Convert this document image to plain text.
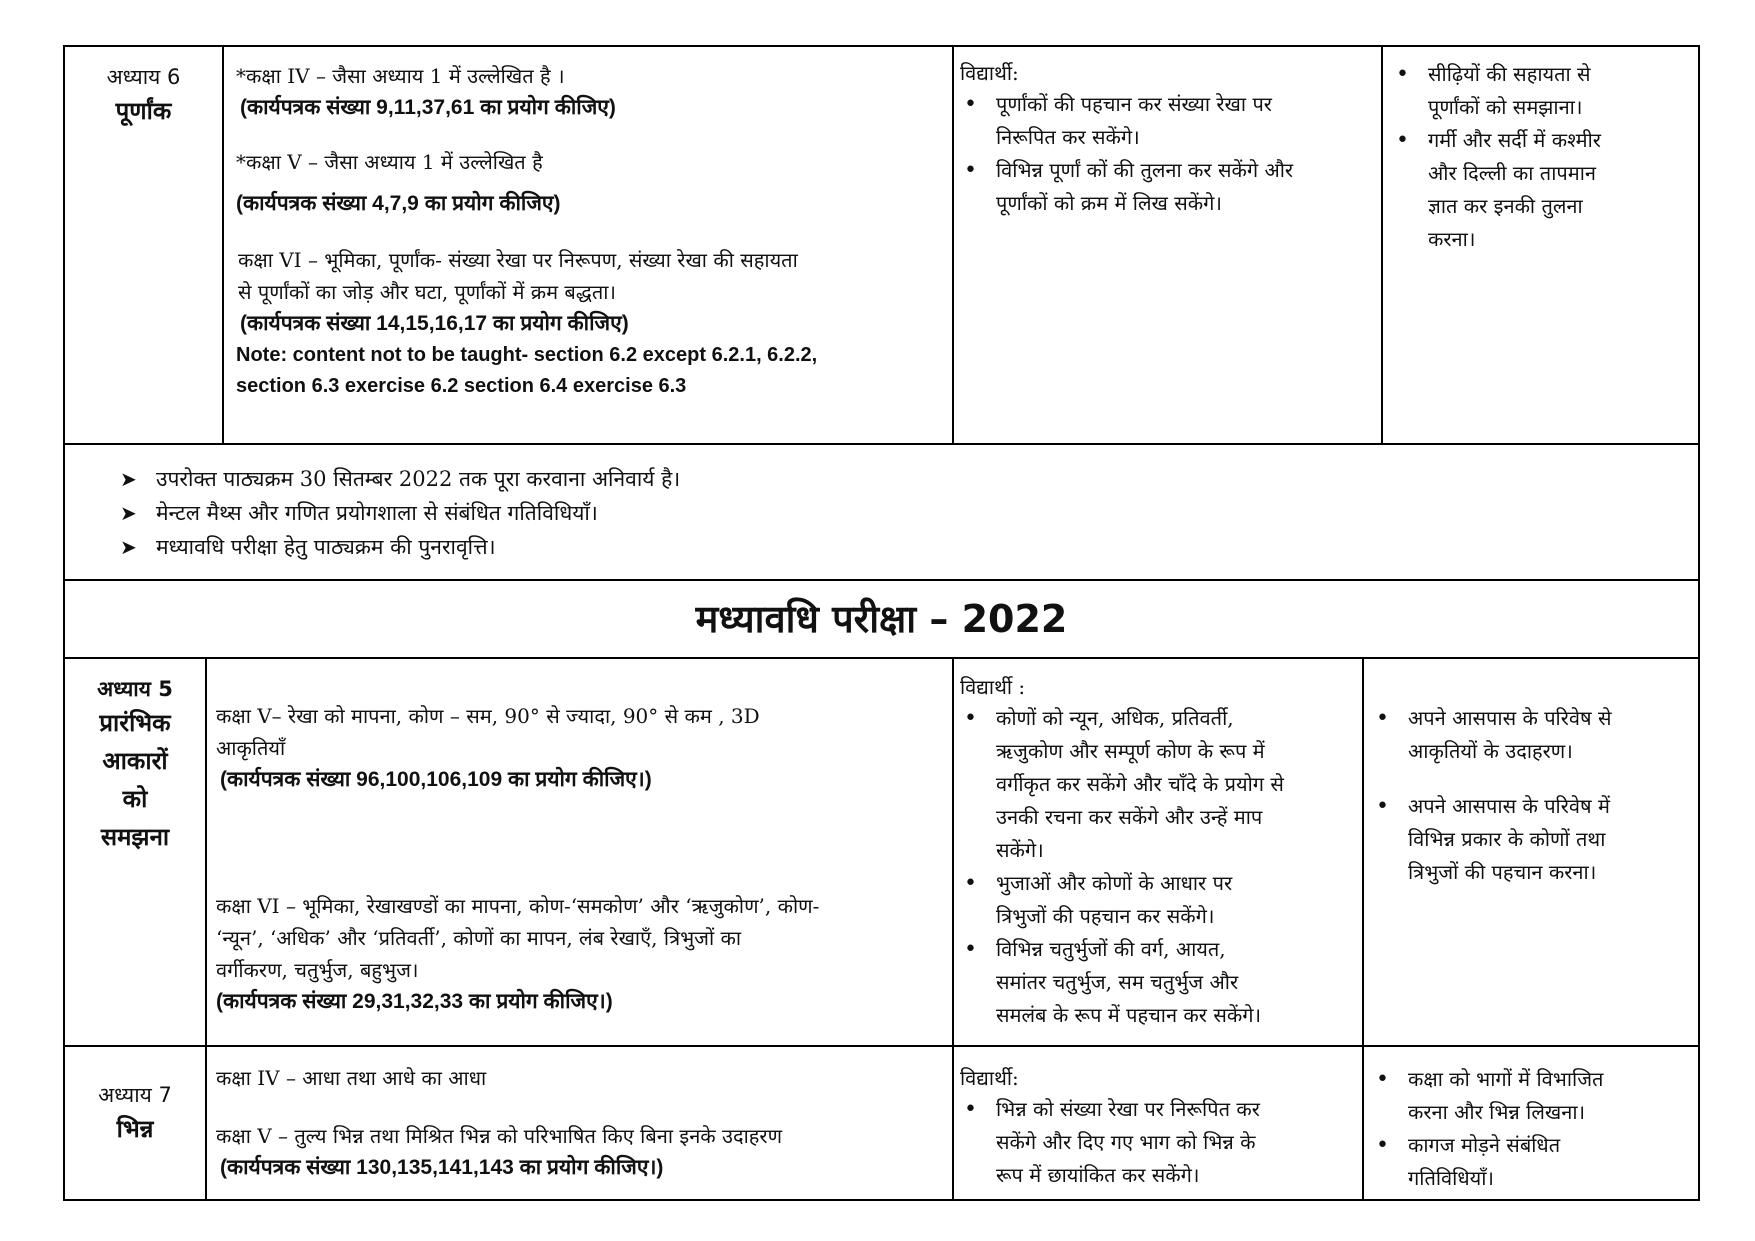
अध्याय 6
पूर्णांक

*कक्षा IV – जैसा अध्याय 1 में उल्लेखित है ।

(कार्यपत्रक संख्या 9,11,37,61 का प्रयोग कीजिए)

*कक्षा V – जैसा अध्याय 1 में उल्लेखित है

(कार्यपत्रक संख्या 4,7,9 का प्रयोग कीजिए)

कक्षा VI – भूमिका, पूर्णांक- संख्या रेखा पर निरूपण, संख्या रेखा की सहायता

से पूर्णांकों का जोड़ और घटा, पूर्णांकों में क्रम बद्धता।

(कार्यपत्रक संख्या 14,15,16,17 का प्रयोग कीजिए)

Note: content not to be taught- section 6.2 except 6.2.1, 6.2.2,
section 6.3 exercise 6.2 section 6.4 exercise 6.3
विद्यार्थी:
• पूर्णांकों की पहचान कर संख्या रेखा पर
निरूपित कर सकेंगे।
• विभिन्न पूर्णां कों की तुलना कर सकेंगे और
पूर्णांकों को क्रम में लिख सकेंगे।
• सीढ़ियों की सहायता से
पूर्णांकों को समझाना।
• गर्मी और सर्दी में कश्मीर
और दिल्ली का तापमान
ज्ञात कर इनकी तुलना
करना।
➤ उपरोक्त पाठ्यक्रम 30 सितम्बर 2022 तक पूरा करवाना अनिवार्य है।
➤ मेन्टल मैथ्स और गणित प्रयोगशाला से संबंधित गतिविधियाँ।
➤ मध्यावधि परीक्षा हेतु पाठ्यक्रम की पुनरावृत्ति।
मध्यावधि परीक्षा – 2022
अध्याय 5
प्रारंभिक
आकारों
को
समझना

कक्षा V– रेखा को मापना, कोण – सम, 90° से ज्यादा, 90° से कम , 3D

आकृतियाँ

(कार्यपत्रक संख्या 96,100,106,109 का प्रयोग कीजिए।)

कक्षा VI – भूमिका, रेखाखण्डों का मापना, कोण-‘समकोण’ और ‘ऋजुकोण’, कोण-

‘न्यून’, ‘अधिक’ और ‘प्रतिवर्ती’, कोणों का मापन, लंब रेखाएँ, त्रिभुजों का

वर्गीकरण, चतुर्भुज, बहुभुज।

(कार्यपत्रक संख्या 29,31,32,33 का प्रयोग कीजिए।)

विद्यार्थी :
• कोणों को न्यून, अधिक, प्रतिवर्ती,
ऋजुकोण और सम्पूर्ण कोण के रूप में
वर्गीकृत कर सकेंगे और चाँदे के प्रयोग से
उनकी रचना कर सकेंगे और उन्हें माप
सकेंगे।
• भुजाओं और कोणों के आधार पर
त्रिभुजों की पहचान कर सकेंगे।
• विभिन्न चतुर्भुजों की वर्ग, आयत,
समांतर चतुर्भुज, सम चतुर्भुज और
समलंब के रूप में पहचान कर सकेंगे।
• अपने आसपास के परिवेष से
आकृतियों के उदाहरण।
• अपने आसपास के परिवेष में
विभिन्न प्रकार के कोणों तथा
त्रिभुजों की पहचान करना।
अध्याय 7
भिन्न

कक्षा IV – आधा तथा आधे का आधा

कक्षा V – तुल्य भिन्न तथा मिश्रित भिन्न को परिभाषित किए बिना इनके उदाहरण

(कार्यपत्रक संख्या 130,135,141,143 का प्रयोग कीजिए।)

विद्यार्थी:
• भिन्न को संख्या रेखा पर निरूपित कर
सकेंगे और दिए गए भाग को भिन्न के
रूप में छायांकित कर सकेंगे।
• कक्षा को भागों में विभाजित
करना और भिन्न लिखना।
• कागज मोड़ने संबंधित
गतिविधियाँ।
